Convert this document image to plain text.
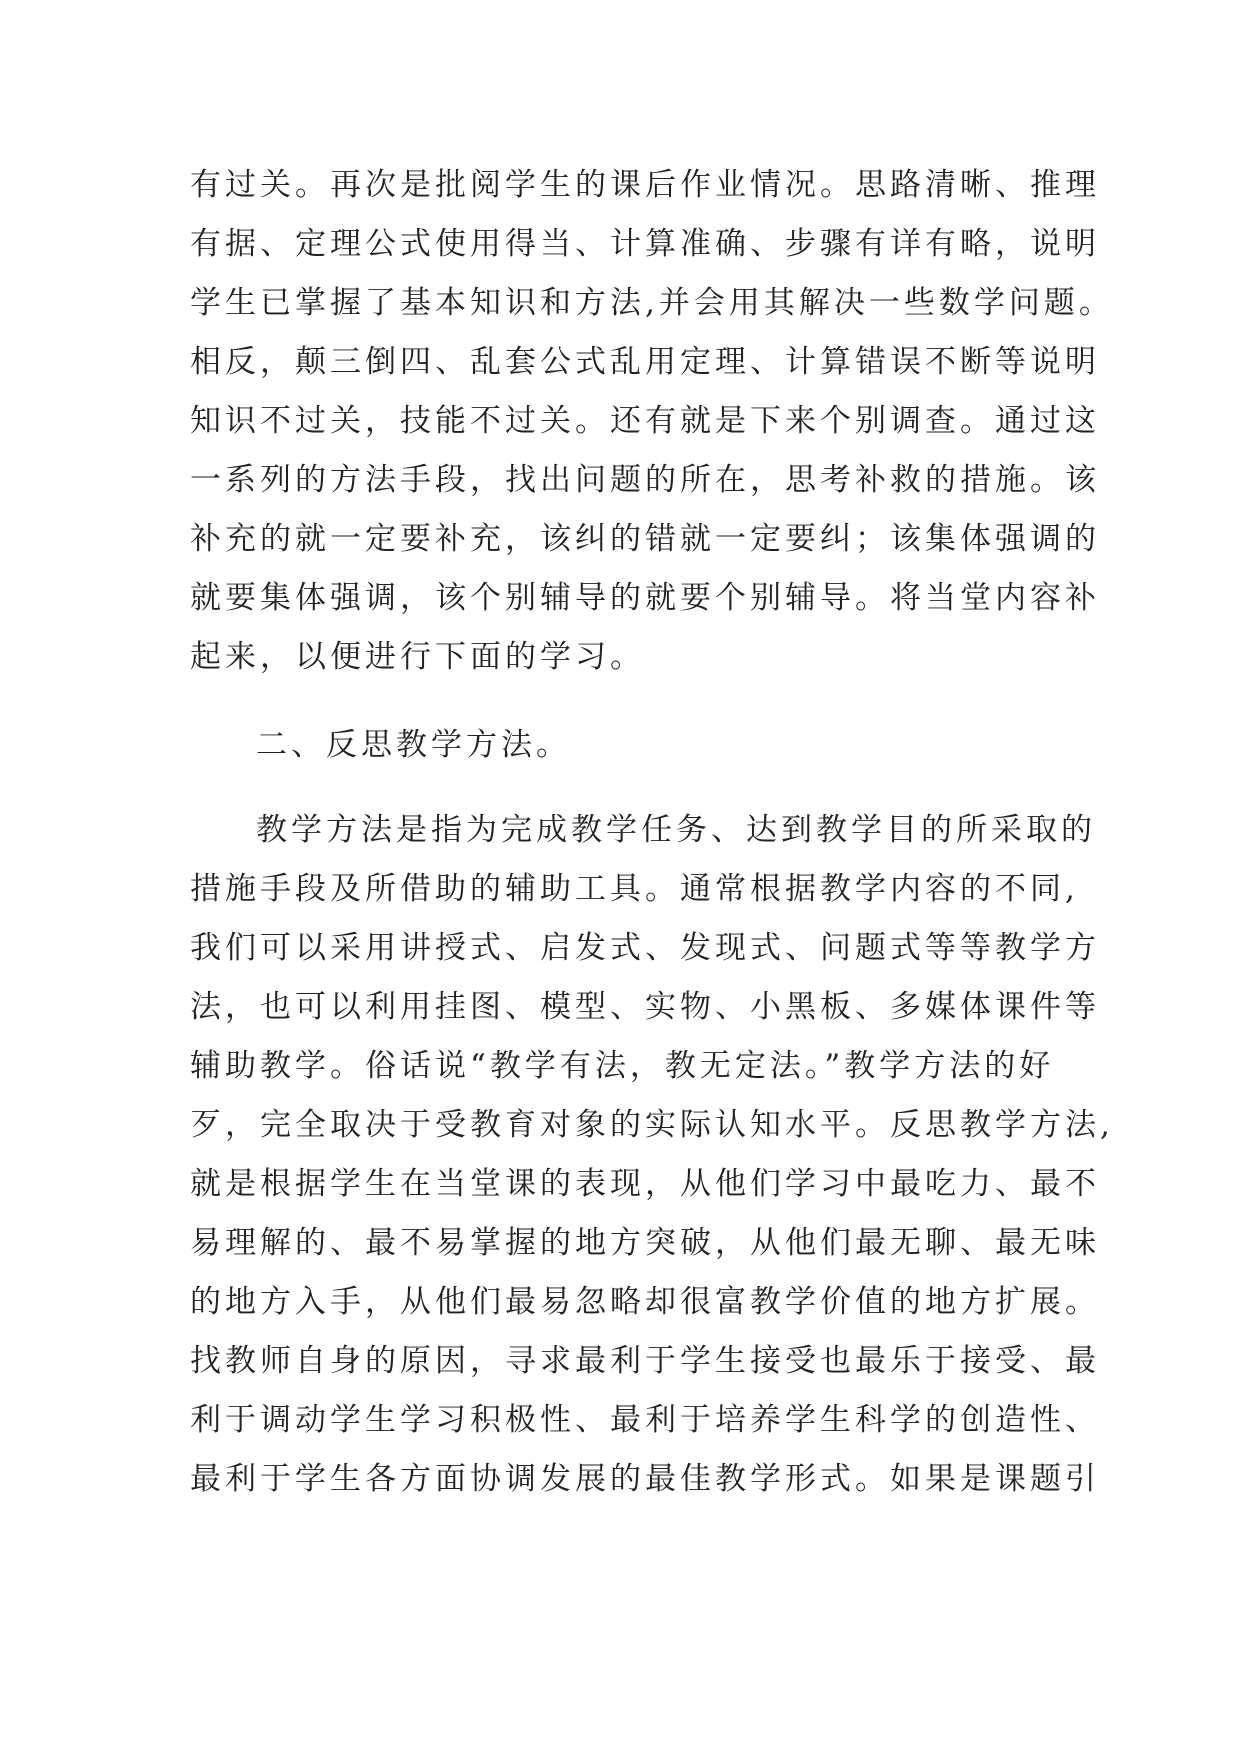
有过关。再次是批阅学生的课后作业情况。思路清晰、推理
有据、定理公式使用得当、计算准确、步骤有详有略，说明
学生已掌握了基本知识和方法,并会用其解决一些数学问题。
相反，颠三倒四、乱套公式乱用定理、计算错误不断等说明
知识不过关，技能不过关。还有就是下来个别调查。通过这
一系列的方法手段，找出问题的所在，思考补救的措施。该
补充的就一定要补充，该纠的错就一定要纠；该集体强调的
就要集体强调，该个别辅导的就要个别辅导。将当堂内容补
起来，以便进行下面的学习。
二、反思教学方法。
教学方法是指为完成教学任务、达到教学目的所采取的
措施手段及所借助的辅助工具。通常根据教学内容的不同,
我们可以采用讲授式、启发式、发现式、问题式等等教学方
法，也可以利用挂图、模型、实物、小黑板、多媒体课件等
辅助教学。俗话说“教学有法，教无定法。”教学方法的好
歹，完全取决于受教育对象的实际认知水平。反思教学方法,
就是根据学生在当堂课的表现，从他们学习中最吃力、最不
易理解的、最不易掌握的地方突破，从他们最无聊、最无味
的地方入手，从他们最易忽略却很富教学价值的地方扩展。
找教师自身的原因，寻求最利于学生接受也最乐于接受、最
利于调动学生学习积极性、最利于培养学生科学的创造性、
最利于学生各方面协调发展的最佳教学形式。如果是课题引
